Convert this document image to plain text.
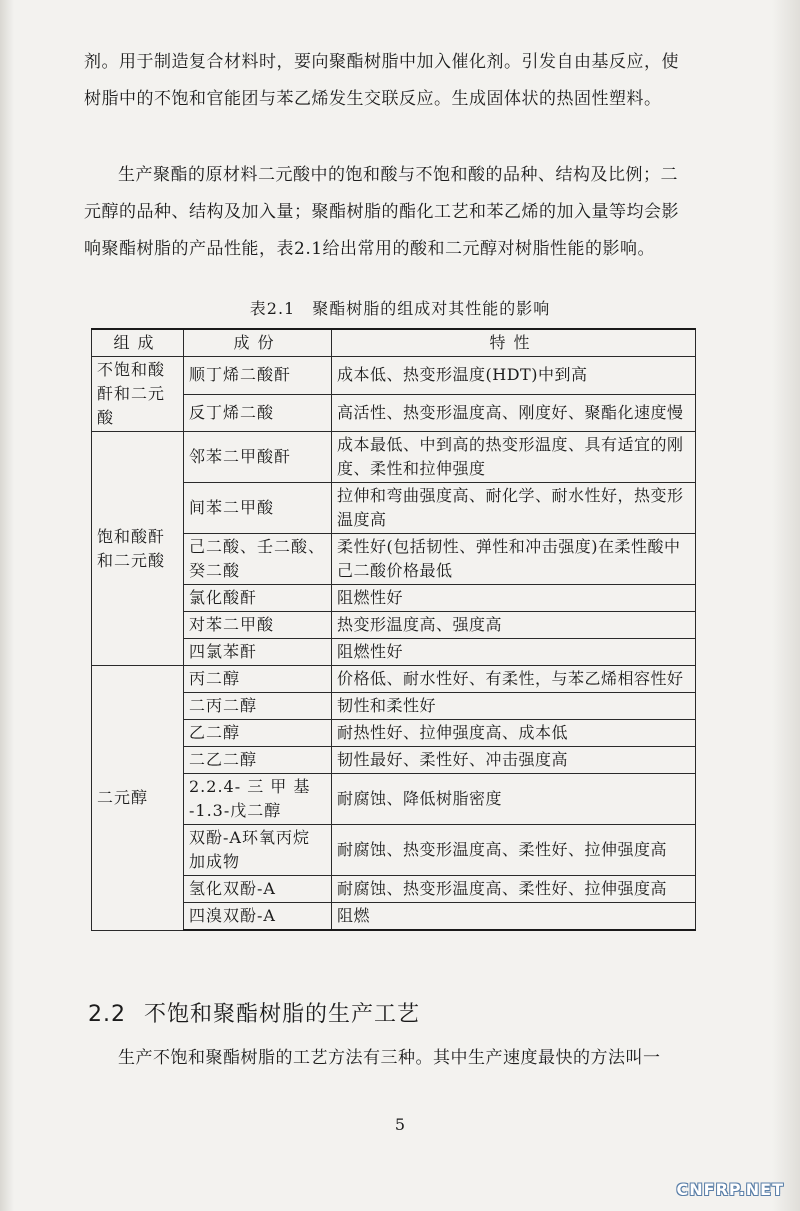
剂。用于制造复合材料时，要向聚酯树脂中加入催化剂。引发自由基反应，使树脂中的不饱和官能团与苯乙烯发生交联反应。生成固体状的热固性塑料。

生产聚酯的原材料二元酸中的饱和酸与不饱和酸的品种、结构及比例；二元醇的品种、结构及加入量；聚酯树脂的酯化工艺和苯乙烯的加入量等均会影响聚酯树脂的产品性能，表2.1给出常用的酸和二元醇对树脂性能的影响。

表2.1　聚酯树脂的组成对其性能的影响
组成	成份	特性
不饱和酸酐和二元酸	顺丁烯二酸酐	成本低、热变形温度(HDT)中到高
	反丁烯二酸	高活性、热变形温度高、刚度好、聚酯化速度慢
饱和酸酐和二元酸	邻苯二甲酸酐	成本最低、中到高的热变形温度、具有适宜的刚度、柔性和拉伸强度
	间苯二甲酸	拉伸和弯曲强度高、耐化学、耐水性好，热变形温度高
	己二酸、壬二酸、癸二酸	柔性好(包括韧性、弹性和冲击强度)在柔性酸中己二酸价格最低
	氯化酸酐	阻燃性好
	对苯二甲酸	热变形温度高、强度高
	四氯苯酐	阻燃性好
二元醇	丙二醇	价格低、耐水性好、有柔性，与苯乙烯相容性好
	二丙二醇	韧性和柔性好
	乙二醇	耐热性好、拉伸强度高、成本低
	二乙二醇	韧性最好、柔性好、冲击强度高
	2.2.4- 三 甲 基 -1.3-戊二醇	耐腐蚀、降低树脂密度
	双酚-A环氧丙烷加成物	耐腐蚀、热变形温度高、柔性好、拉伸强度高
	氢化双酚-A	耐腐蚀、热变形温度高、柔性好、拉伸强度高
	四溴双酚-A	阻燃
2.2 不饱和聚酯树脂的生产工艺

生产不饱和聚酯树脂的工艺方法有三种。其中生产速度最快的方法叫一

5
CNFRP.NET
